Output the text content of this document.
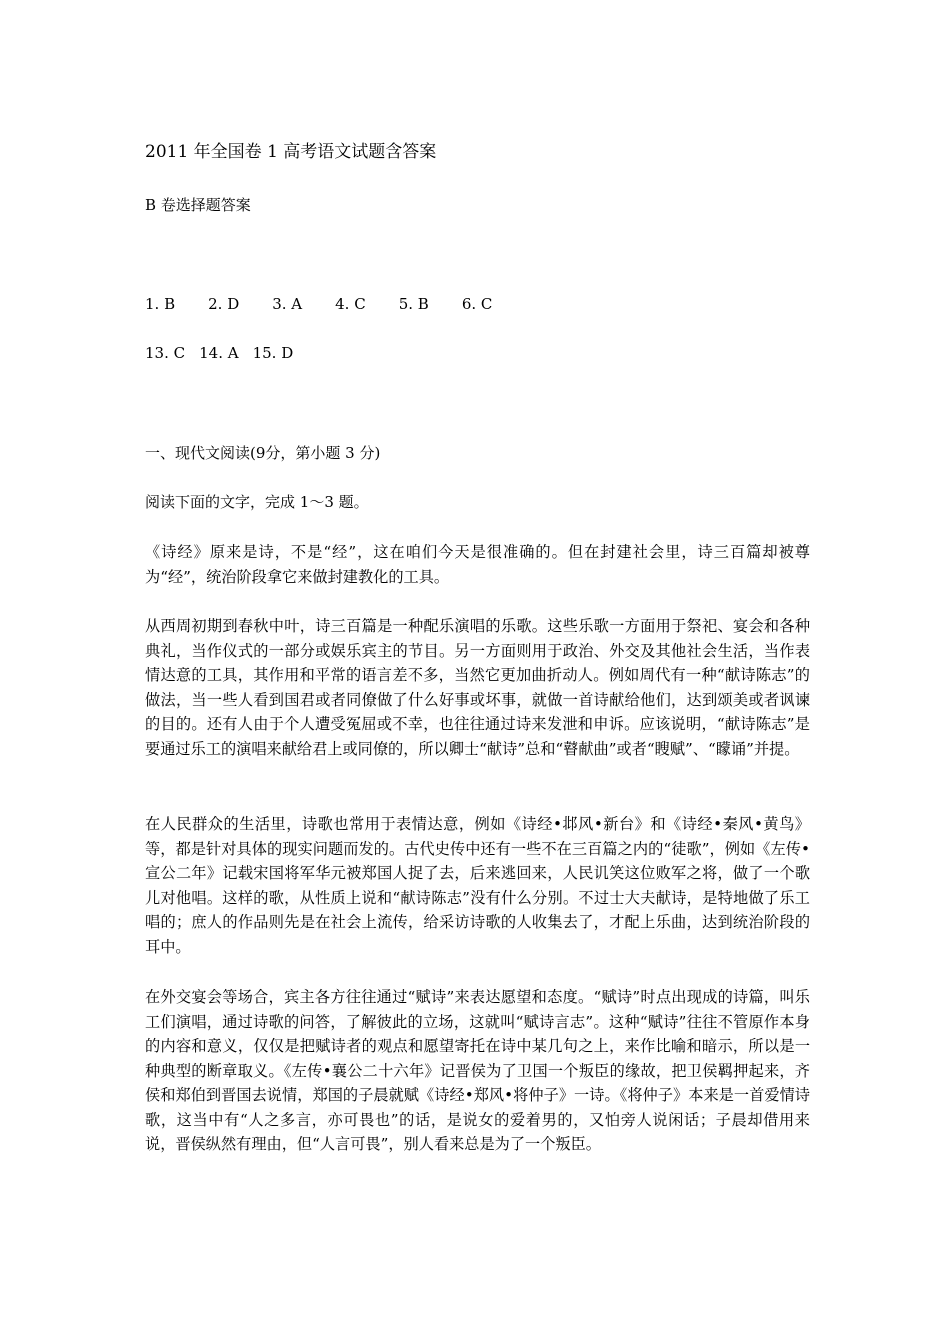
2011 年全国卷 1 高考语文试题含答案
B 卷选择题答案
1. B 2. D 3. A 4. C 5. B 6. C
13. C 14. A 15. D
一、现代文阅读(9分，第小题 3 分)
阅读下面的文字，完成 1～3 题。
《诗经》原来是诗，不是“经”，这在咱们今天是很准确的。但在封建社会里，诗三百篇却被尊为“经”，统治阶段拿它来做封建教化的工具。
从西周初期到春秋中叶，诗三百篇是一种配乐演唱的乐歌。这些乐歌一方面用于祭祀、宴会和各种典礼，当作仪式的一部分或娱乐宾主的节目。另一方面则用于政治、外交及其他社会生活，当作表情达意的工具，其作用和平常的语言差不多，当然它更加曲折动人。例如周代有一种“献诗陈志”的做法，当一些人看到国君或者同僚做了什么好事或坏事，就做一首诗献给他们，达到颂美或者讽谏的目的。还有人由于个人遭受冤屈或不幸，也往往通过诗来发泄和申诉。应该说明，“献诗陈志”是要通过乐工的演唱来献给君上或同僚的，所以卿士“献诗”总和“瞽献曲”或者“瞍赋”、“矇诵”并提。
在人民群众的生活里，诗歌也常用于表情达意，例如《诗经•邶风•新台》和《诗经•秦风•黄鸟》等，都是针对具体的现实问题而发的。古代史传中还有一些不在三百篇之内的“徒歌”，例如《左传•宣公二年》记载宋国将军华元被郑国人捉了去，后来逃回来，人民讥笑这位败军之将，做了一个歌儿对他唱。这样的歌，从性质上说和“献诗陈志”没有什么分别。不过士大夫献诗，是特地做了乐工唱的；庶人的作品则先是在社会上流传，给采访诗歌的人收集去了，才配上乐曲，达到统治阶段的耳中。
在外交宴会等场合，宾主各方往往通过“赋诗”来表达愿望和态度。“赋诗”时点出现成的诗篇，叫乐工们演唱，通过诗歌的问答，了解彼此的立场，这就叫“赋诗言志”。这种“赋诗”往往不管原作本身的内容和意义，仅仅是把赋诗者的观点和愿望寄托在诗中某几句之上，来作比喻和暗示，所以是一种典型的断章取义。《左传•襄公二十六年》记晋侯为了卫国一个叛臣的缘故，把卫侯羁押起来，齐侯和郑伯到晋国去说情，郑国的子晨就赋《诗经•郑风•将仲子》一诗。《将仲子》本来是一首爱情诗歌，这当中有“人之多言，亦可畏也”的话，是说女的爱着男的，又怕旁人说闲话；子晨却借用来说，晋侯纵然有理由，但“人言可畏”，别人看来总是为了一个叛臣。
